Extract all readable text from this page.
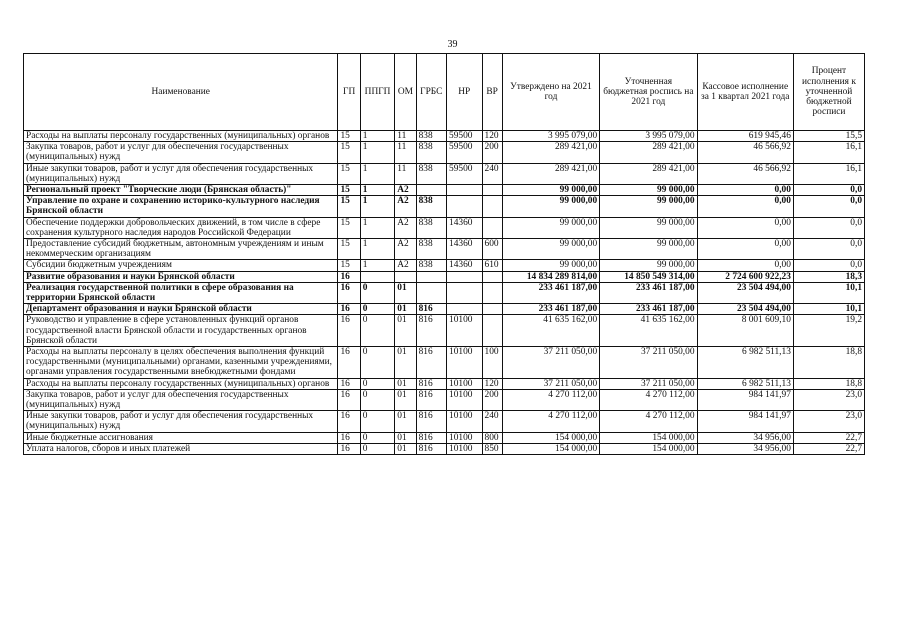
39
Наименование	ГП	ППГП	ОМ	ГРБС	НР	ВР	Утверждено на 2021 год	Уточненная бюджетная роспись на 2021 год	Кассовое исполнение за 1 квартал 2021 года	Процент исполнения к уточненной бюджетной росписи
Расходы на выплаты персоналу государственных (муниципальных) органов	15	1	11	838	59500	120	3 995 079,00	3 995 079,00	619 945,46	15,5
Закупка товаров, работ и услуг для обеспечения государственных (муниципальных) нужд	15	1	11	838	59500	200	289 421,00	289 421,00	46 566,92	16,1
Иные закупки товаров, работ и услуг для обеспечения государственных (муниципальных) нужд	15	1	11	838	59500	240	289 421,00	289 421,00	46 566,92	16,1
Региональный проект "Творческие люди (Брянская область)"	15	1	А2				99 000,00	99 000,00	0,00	0,0
Управление по охране и сохранению историко-культурного наследия Брянской области	15	1	А2	838			99 000,00	99 000,00	0,00	0,0
Обеспечение поддержки добровольческих движений, в том числе в сфере сохранения культурного наследия народов Российской Федерации	15	1	А2	838	14360		99 000,00	99 000,00	0,00	0,0
Предоставление субсидий бюджетным, автономным учреждениям и иным некоммерческим организациям	15	1	А2	838	14360	600	99 000,00	99 000,00	0,00	0,0
Субсидии бюджетным учреждениям	15	1	А2	838	14360	610	99 000,00	99 000,00	0,00	0,0
Развитие образования и науки Брянской области	16						14 834 289 814,00	14 850 549 314,00	2 724 600 922,23	18,3
Реализация государственной политики в сфере образования на территории Брянской области	16	0	01				233 461 187,00	233 461 187,00	23 504 494,00	10,1
Департамент образования и науки Брянской области	16	0	01	816			233 461 187,00	233 461 187,00	23 504 494,00	10,1
Руководство и управление в сфере установленных функций органов государственной власти Брянской области и государственных органов Брянской области	16	0	01	816	10100		41 635 162,00	41 635 162,00	8 001 609,10	19,2
Расходы на выплаты персоналу в целях обеспечения выполнения функций государственными (муниципальными) органами, казенными учреждениями, органами управления государственными внебюджетными фондами	16	0	01	816	10100	100	37 211 050,00	37 211 050,00	6 982 511,13	18,8
Расходы на выплаты персоналу государственных (муниципальных) органов	16	0	01	816	10100	120	37 211 050,00	37 211 050,00	6 982 511,13	18,8
Закупка товаров, работ и услуг для обеспечения государственных (муниципальных) нужд	16	0	01	816	10100	200	4 270 112,00	4 270 112,00	984 141,97	23,0
Иные закупки товаров, работ и услуг для обеспечения государственных (муниципальных) нужд	16	0	01	816	10100	240	4 270 112,00	4 270 112,00	984 141,97	23,0
Иные бюджетные ассигнования	16	0	01	816	10100	800	154 000,00	154 000,00	34 956,00	22,7
Уплата налогов, сборов и иных платежей	16	0	01	816	10100	850	154 000,00	154 000,00	34 956,00	22,7
